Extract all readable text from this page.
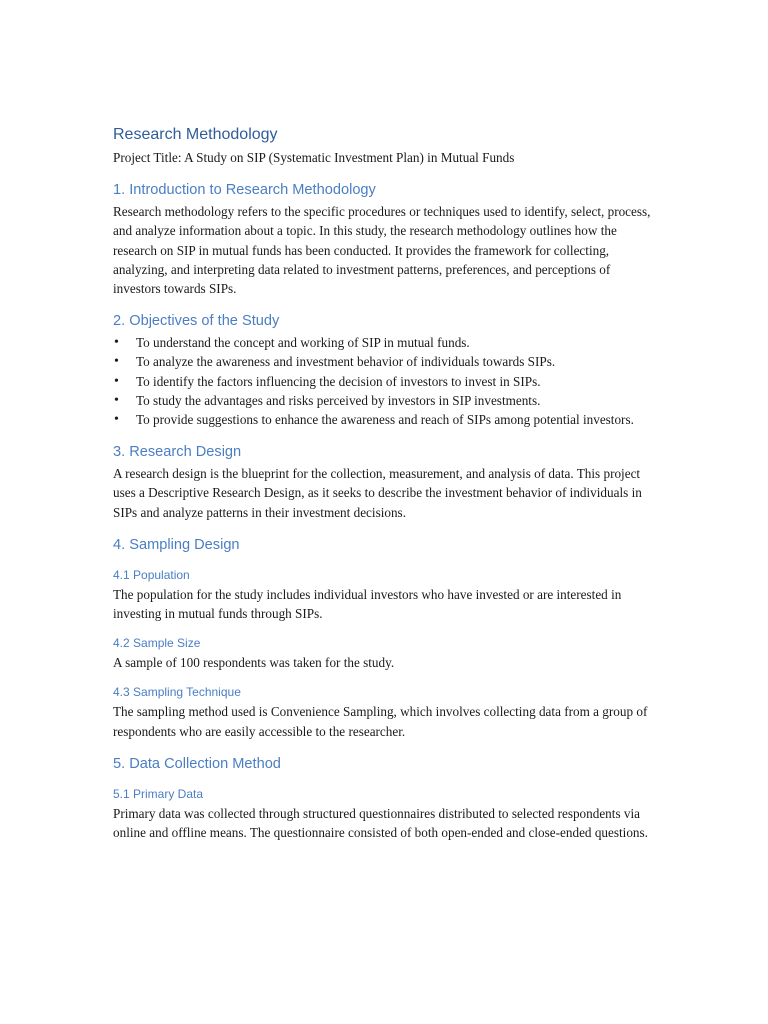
Research Methodology

Project Title: A Study on SIP (Systematic Investment Plan) in Mutual Funds

1. Introduction to Research Methodology

Research methodology refers to the specific procedures or techniques used to identify, select, process, and analyze information about a topic. In this study, the research methodology outlines how the research on SIP in mutual funds has been conducted. It provides the framework for collecting, analyzing, and interpreting data related to investment patterns, preferences, and perceptions of investors towards SIPs.

2. Objectives of the Study
• To understand the concept and working of SIP in mutual funds.
• To analyze the awareness and investment behavior of individuals towards SIPs.
• To identify the factors influencing the decision of investors to invest in SIPs.
• To study the advantages and risks perceived by investors in SIP investments.
• To provide suggestions to enhance the awareness and reach of SIPs among potential investors.
3. Research Design

A research design is the blueprint for the collection, measurement, and analysis of data. This project uses a Descriptive Research Design, as it seeks to describe the investment behavior of individuals in SIPs and analyze patterns in their investment decisions.

4. Sampling Design
4.1 Population

The population for the study includes individual investors who have invested or are interested in investing in mutual funds through SIPs.

4.2 Sample Size

A sample of 100 respondents was taken for the study.

4.3 Sampling Technique

The sampling method used is Convenience Sampling, which involves collecting data from a group of respondents who are easily accessible to the researcher.

5. Data Collection Method
5.1 Primary Data

Primary data was collected through structured questionnaires distributed to selected respondents via online and offline means. The questionnaire consisted of both open-ended and close-ended questions.
